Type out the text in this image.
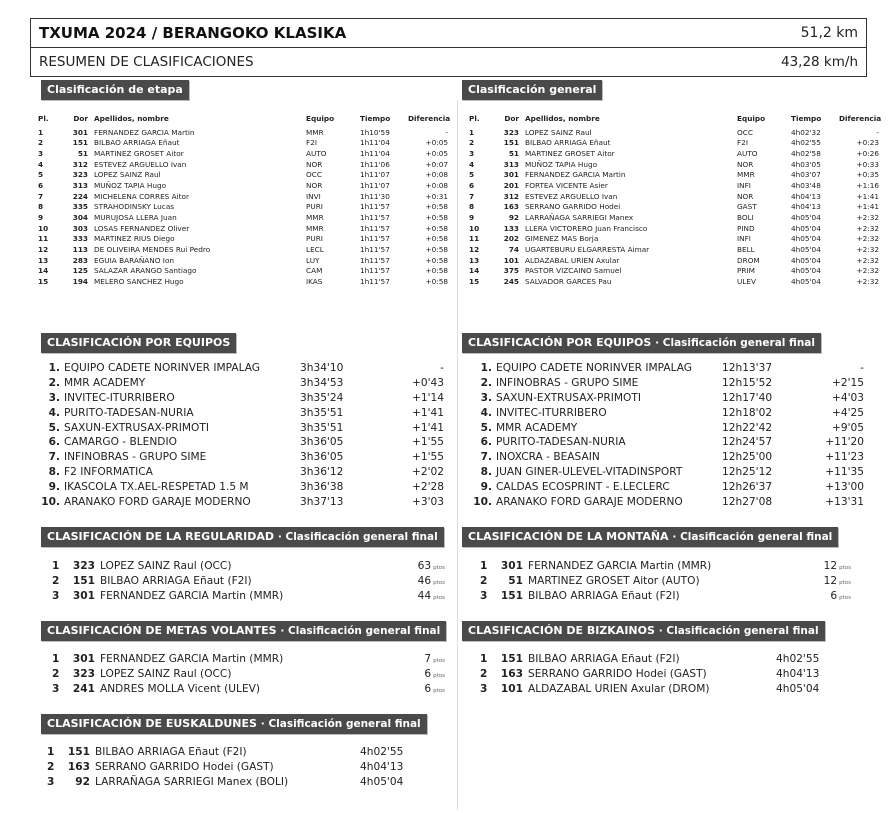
TXUMA 2024 / BERANGOKO KLASIKA	51,2 km
RESUMEN DE CLASIFICACIONES	43,28 km/h
Clasificación de etapa	Clasificación general
Pl.	Dor Apellidos, nombre	Equipo	Tiempo	Diferencia
1	301 FERNANDEZ GARCIA Martin	MMR	1h10'59	-
2	151 BILBAO ARRIAGA Eñaut	F2I	1h11'04	+0:05
3	51 MARTINEZ GROSET Aitor	AUTO	1h11'04	+0:05
4	312 ESTEVEZ ARGUELLO Ivan	NOR	1h11'06	+0:07
5	323 LOPEZ SAINZ Raul	OCC	1h11'07	+0:08
6	313 MUÑOZ TAPIA Hugo	NOR	1h11'07	+0:08
7	224 MICHELENA CORRES Aitor	INVI	1h11'30	+0:31
8	335 STRAHODINSKY Lucas	PURI	1h11'57	+0:58
9	304 MURUJOSA LLERA Juan	MMR	1h11'57	+0:58
10	303 LOSAS FERNANDEZ Oliver	MMR	1h11'57	+0:58
11	333 MARTINEZ RIUS Diego	PURI	1h11'57	+0:58
12	113 DE OLIVEIRA MENDES Rui Pedro	LECL	1h11'57	+0:58
13	283 EGUIA BARAÑANO Ion	LUY	1h11'57	+0:58
14	125 SALAZAR ARANGO Santiago	CAM	1h11'57	+0:58
15	194 MELERO SANCHEZ Hugo	IKAS	1h11'57	+0:58
Pl.	Dor Apellidos, nombre	Equipo	Tiempo	Diferencia
1	323 LOPEZ SAINZ Raul	OCC	4h02'32	-
2	151 BILBAO ARRIAGA Eñaut	F2I	4h02'55	+0:23
3	51 MARTINEZ GROSET Aitor	AUTO	4h02'58	+0:26
4	313 MUÑOZ TAPIA Hugo	NOR	4h03'05	+0:33
5	301 FERNANDEZ GARCIA Martin	MMR	4h03'07	+0:35
6	201 FORTEA VICENTE Asier	INFI	4h03'48	+1:16
7	312 ESTEVEZ ARGUELLO Ivan	NOR	4h04'13	+1:41
8	163 SERRANO GARRIDO Hodei	GAST	4h04'13	+1:41
9	92 LARRAÑAGA SARRIEGI Manex	BOLI	4h05'04	+2:32
10	133 LLERA VICTORERO Juan Francisco	PIND	4h05'04	+2:32
11	202 GIMENEZ MAS Borja	INFI	4h05'04	+2:32
12	74 UGARTEBURU ELGARRESTA Aimar	BELL	4h05'04	+2:32
13	101 ALDAZABAL URIEN Axular	DROM	4h05'04	+2:32
14	375 PASTOR VIZCAINO Samuel	PRIM	4h05'04	+2:32
15	245 SALVADOR GARCES Pau	ULEV	4h05'04	+2:32
CLASIFICACIÓN POR EQUIPOS	CLASIFICACIÓN POR EQUIPOS · Clasificación general final
1. EQUIPO CADETE NORINVER IMPALAG	3h34'10	-
2. MMR ACADEMY	3h34'53	+0'43
3. INVITEC-ITURRIBERO	3h35'24	+1'14
4. PURITO-TADESAN-NURIA	3h35'51	+1'41
5. SAXUN-EXTRUSAX-PRIMOTI	3h35'51	+1'41
6. CAMARGO - BLENDIO	3h36'05	+1'55
7. INFINOBRAS - GRUPO SIME	3h36'05	+1'55
8. F2 INFORMATICA	3h36'12	+2'02
9. IKASCOLA TX.AEL-RESPETAD 1.5 M	3h36'38	+2'28
10. ARANAKO FORD GARAJE MODERNO	3h37'13	+3'03
1. EQUIPO CADETE NORINVER IMPALAG	12h13'37	-
2. INFINOBRAS - GRUPO SIME	12h15'52	+2'15
3. SAXUN-EXTRUSAX-PRIMOTI	12h17'40	+4'03
4. INVITEC-ITURRIBERO	12h18'02	+4'25
5. MMR ACADEMY	12h22'42	+9'05
6. PURITO-TADESAN-NURIA	12h24'57	+11'20
7. INOXCRA - BEASAIN	12h25'00	+11'23
8. JUAN GINER-ULEVEL-VITADINSPORT	12h25'12	+11'35
9. CALDAS ECOSPRINT - E.LECLERC	12h26'37	+13'00
10. ARANAKO FORD GARAJE MODERNO	12h27'08	+13'31
CLASIFICACIÓN DE LA REGULARIDAD · Clasificación general final	CLASIFICACIÓN DE LA MONTAÑA · Clasificación general final
1	323 LOPEZ SAINZ Raul (OCC)	63 ptos
2	151 BILBAO ARRIAGA Eñaut (F2I)	46 ptos
3	301 FERNANDEZ GARCIA Martin (MMR)	44 ptos
1	301 FERNANDEZ GARCIA Martin (MMR)	12 ptos
2	51 MARTINEZ GROSET Aitor (AUTO)	12 ptos
3	151 BILBAO ARRIAGA Eñaut (F2I)	6 ptos
CLASIFICACIÓN DE METAS VOLANTES · Clasificación general final	CLASIFICACIÓN DE BIZKAINOS · Clasificación general final
1	301 FERNANDEZ GARCIA Martin (MMR)	7 ptos
2	323 LOPEZ SAINZ Raul (OCC)	6 ptos
3	241 ANDRES MOLLA Vicent (ULEV)	6 ptos
1	151 BILBAO ARRIAGA Eñaut (F2I)	4h02'55
2	163 SERRANO GARRIDO Hodei (GAST)	4h04'13
3	101 ALDAZABAL URIEN Axular (DROM)	4h05'04
CLASIFICACIÓN DE EUSKALDUNES · Clasificación general final
1	151 BILBAO ARRIAGA Eñaut (F2I)	4h02'55
2	163 SERRANO GARRIDO Hodei (GAST)	4h04'13
3	92 LARRAÑAGA SARRIEGI Manex (BOLI)	4h05'04
